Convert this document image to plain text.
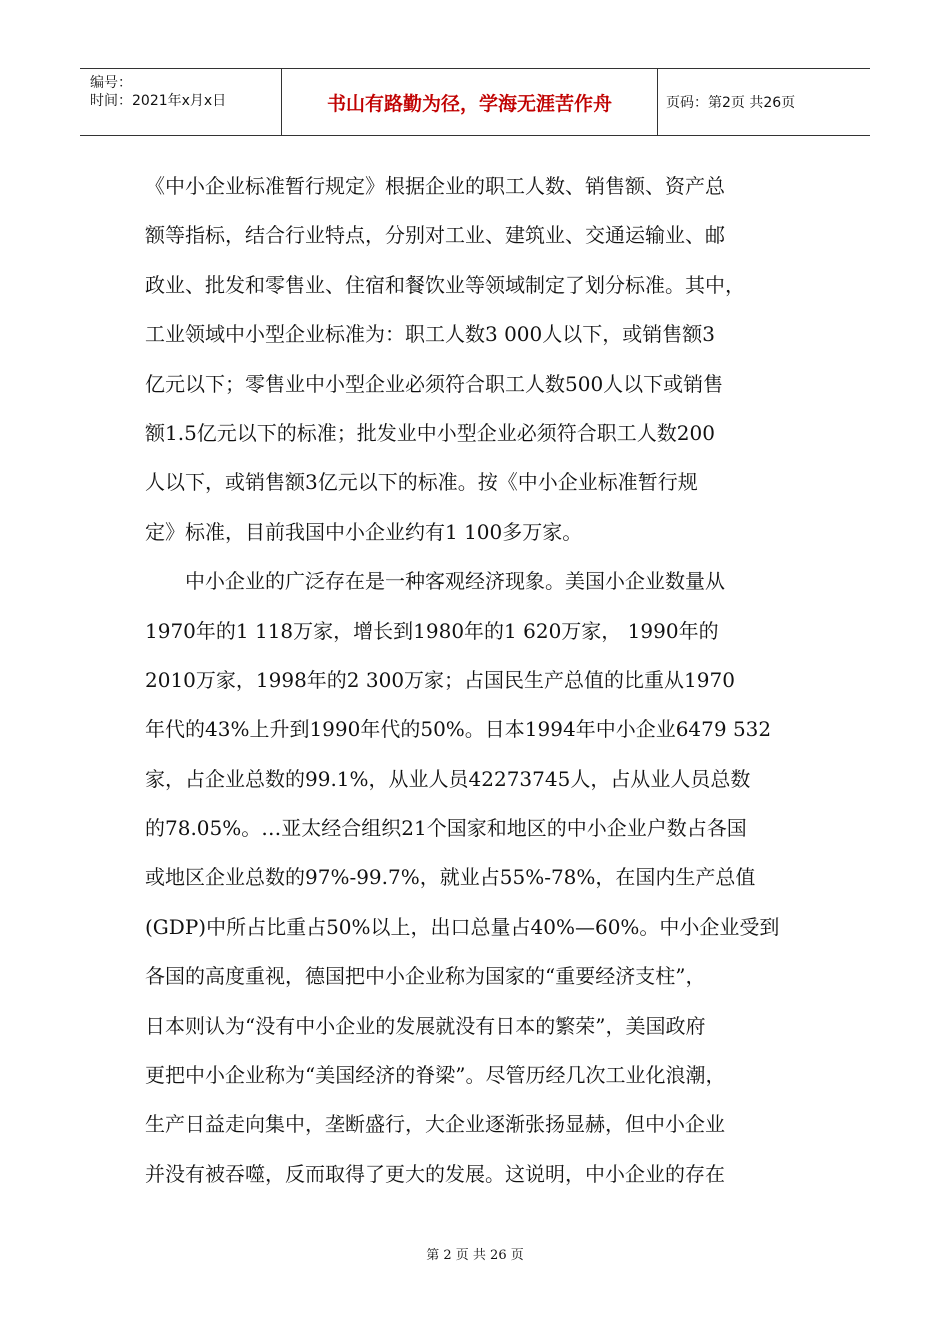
编号：
时间：2021年x月x日	书山有路勤为径，学海无涯苦作舟	页码：第2页 共26页
《中小企业标准暂行规定》根据企业的职工人数、销售额、资产总
额等指标，结合行业特点，分别对工业、建筑业、交通运输业、邮
政业、批发和零售业、住宿和餐饮业等领域制定了划分标准。其中，
工业领域中小型企业标准为：职工人数3 000人以下，或销售额3
亿元以下；零售业中小型企业必须符合职工人数500人以下或销售
额1.5亿元以下的标准；批发业中小型企业必须符合职工人数200
人以下，或销售额3亿元以下的标准。按《中小企业标准暂行规
定》标准，目前我国中小企业约有1 100多万家。
中小企业的广泛存在是一种客观经济现象。美国小企业数量从
1970年的1 118万家，增长到1980年的1 620万家， 1990年的
2010万家，1998年的2 300万家；占国民生产总值的比重从1970
年代的43%上升到1990年代的50%。日本1994年中小企业6479 532
家，占企业总数的99.1%，从业人员42273745人，占从业人员总数
的78.05%。…亚太经合组织21个国家和地区的中小企业户数占各国
或地区企业总数的97%-99.7%，就业占55%-78%，在国内生产总值
(GDP)中所占比重占50%以上，出口总量占40%—60%。中小企业受到
各国的高度重视，德国把中小企业称为国家的“重要经济支柱”，
日本则认为“没有中小企业的发展就没有日本的繁荣”，美国政府
更把中小企业称为“美国经济的脊梁”。尽管历经几次工业化浪潮，
生产日益走向集中，垄断盛行，大企业逐渐张扬显赫，但中小企业
并没有被吞噬，反而取得了更大的发展。这说明，中小企业的存在
第 2 页 共 26 页
